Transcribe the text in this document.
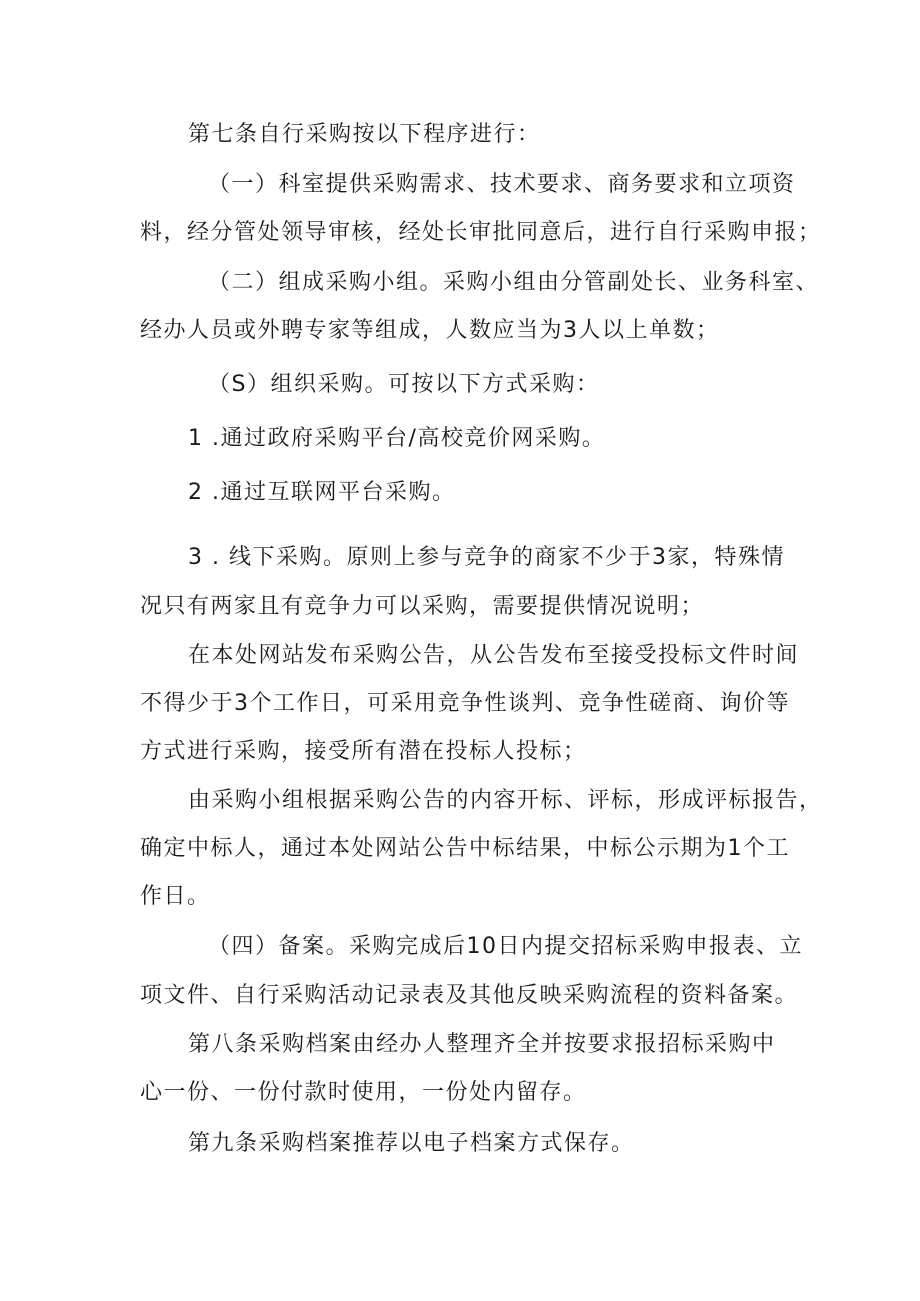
第七条自行采购按以下程序进行：
（一）科室提供采购需求、技术要求、商务要求和立项资
料，经分管处领导审核，经处长审批同意后，进行自行采购申报；
（二）组成采购小组。采购小组由分管副处长、业务科室、
经办人员或外聘专家等组成，人数应当为3人以上单数；
（S）组织采购。可按以下方式采购：
1 .通过政府采购平台/高校竞价网采购。
2 .通过互联网平台采购。
3 . 线下采购。原则上参与竞争的商家不少于3家，特殊情
况只有两家且有竞争力可以采购，需要提供情况说明；
在本处网站发布采购公告，从公告发布至接受投标文件时间
不得少于3个工作日，可采用竞争性谈判、竞争性磋商、询价等
方式进行采购，接受所有潜在投标人投标；
由采购小组根据采购公告的内容开标、评标，形成评标报告，
确定中标人，通过本处网站公告中标结果，中标公示期为1个工
作日。
（四）备案。采购完成后10日内提交招标采购申报表、立
项文件、自行采购活动记录表及其他反映采购流程的资料备案。
第八条采购档案由经办人整理齐全并按要求报招标采购中
心一份、一份付款时使用，一份处内留存。
第九条采购档案推荐以电子档案方式保存。
